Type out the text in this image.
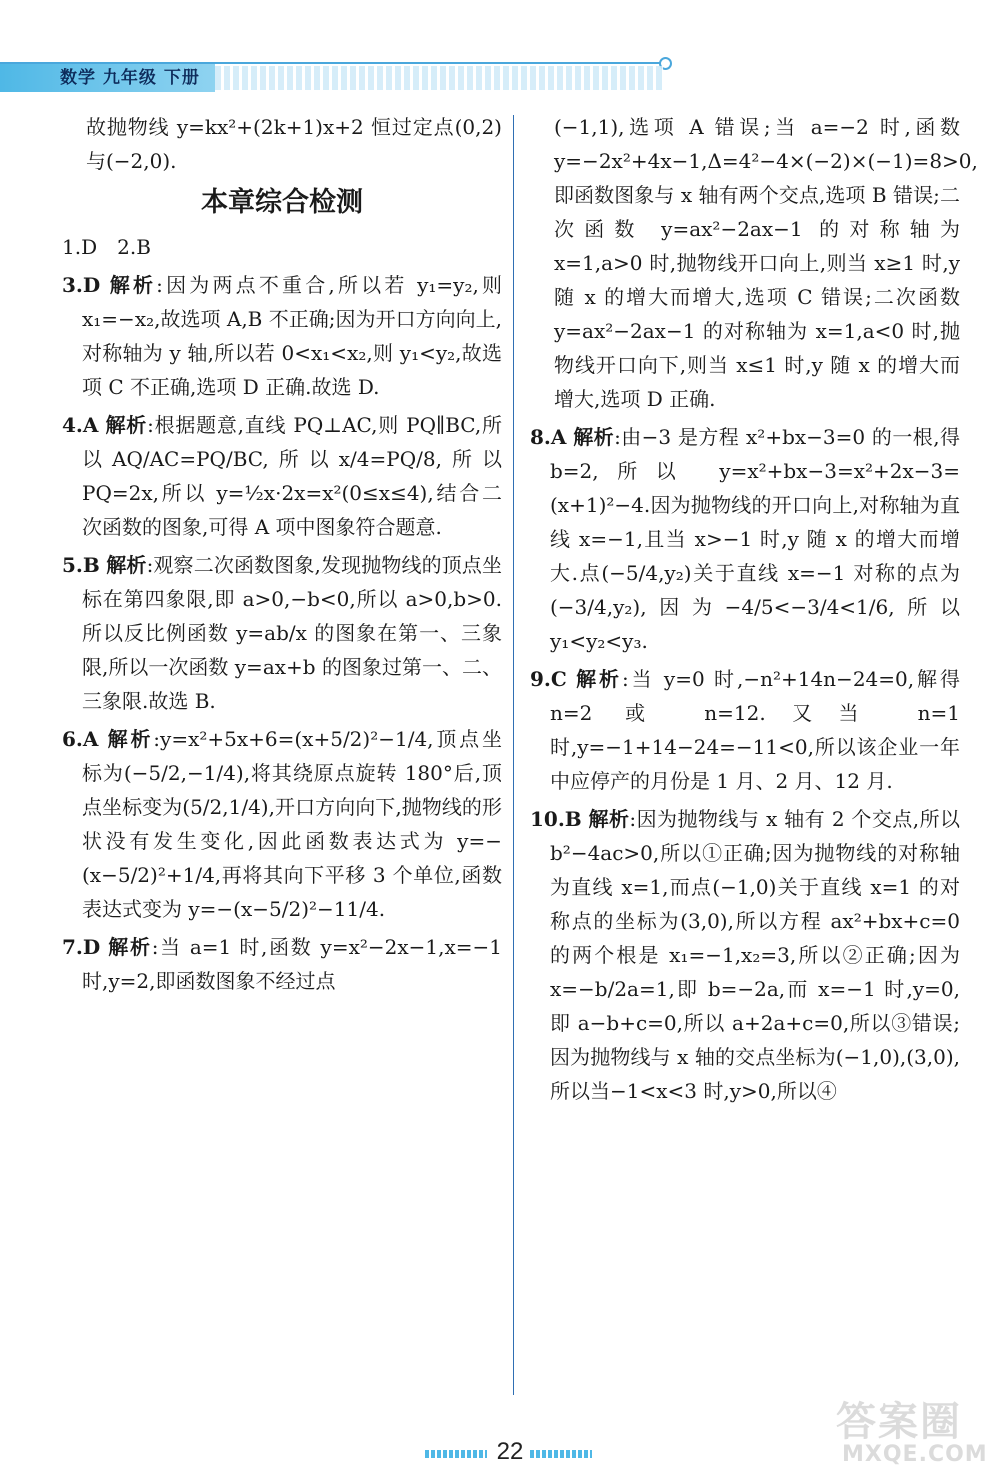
数学 九年级 下册

故抛物线 y=kx²+(2k+1)x+2 恒过定点(0,2)与(−2,0).

本章综合检测

1.D　2.B

3.D 解析:因为两点不重合,所以若 y₁=y₂,则x₁=−x₂,故选项 A,B 不正确;因为开口方向向上,对称轴为 y 轴,所以若 0<x₁<x₂,则 y₁<y₂,故选项 C 不正确,选项 D 正确.故选 D.

4.A 解析:根据题意,直线 PQ⊥AC,则 PQ∥BC,所以AQ/AC=PQ/BC,所以x/4=PQ/8,所以PQ=2x,所以 y=½x·2x=x²(0≤x≤4),结合二次函数的图象,可得 A 项中图象符合题意.

5.B 解析:观察二次函数图象,发现抛物线的顶点坐标在第四象限,即 a>0,−b<0,所以 a>0,b>0.所以反比例函数 y=ab/x 的图象在第一、三象限,所以一次函数 y=ax+b 的图象过第一、二、三象限.故选 B.

6.A 解析:y=x²+5x+6=(x+5/2)²−1/4,顶点坐标为(−5/2,−1/4),将其绕原点旋转 180°后,顶点坐标变为(5/2,1/4),开口方向向下,抛物线的形状没有发生变化,因此函数表达式为 y=−(x−5/2)²+1/4,再将其向下平移 3 个单位,函数表达式变为 y=−(x−5/2)²−11/4.

7.D 解析:当 a=1 时,函数 y=x²−2x−1,x=−1 时,y=2,即函数图象不经过点

(−1,1),选项 A 错误;当 a=−2 时,函数 y=−2x²+4x−1,Δ=4²−4×(−2)×(−1)=8>0,即函数图象与 x 轴有两个交点,选项 B 错误;二次函数 y=ax²−2ax−1 的对称轴为 x=1,a>0 时,抛物线开口向上,则当 x≥1 时,y 随 x 的增大而增大,选项 C 错误;二次函数y=ax²−2ax−1 的对称轴为 x=1,a<0 时,抛物线开口向下,则当 x≤1 时,y 随 x 的增大而增大,选项 D 正确.

8.A 解析:由−3 是方程 x²+bx−3=0 的一根,得b=2,所以 y=x²+bx−3=x²+2x−3=(x+1)²−4.因为抛物线的开口向上,对称轴为直线 x=−1,且当 x>−1 时,y 随 x 的增大而增大.点(−5/4,y₂)关于直线 x=−1 对称的点为(−3/4,y₂),因为−4/5<−3/4<1/6,所以 y₁<y₂<y₃.

9.C 解析:当 y=0 时,−n²+14n−24=0,解得 n=2 或 n=12.又当 n=1 时,y=−1+14−24=−11<0,所以该企业一年中应停产的月份是 1 月、2 月、12 月.

10.B 解析:因为抛物线与 x 轴有 2 个交点,所以b²−4ac>0,所以①正确;因为抛物线的对称轴为直线 x=1,而点(−1,0)关于直线 x=1 的对称点的坐标为(3,0),所以方程 ax²+bx+c=0 的两个根是 x₁=−1,x₂=3,所以②正确;因为 x=−b/2a=1,即 b=−2a,而 x=−1 时,y=0,即 a−b+c=0,所以 a+2a+c=0,所以③错误;因为抛物线与 x 轴的交点坐标为(−1,0),(3,0),所以当−1<x<3 时,y>0,所以④

22
答案圈
MXQE.COM
